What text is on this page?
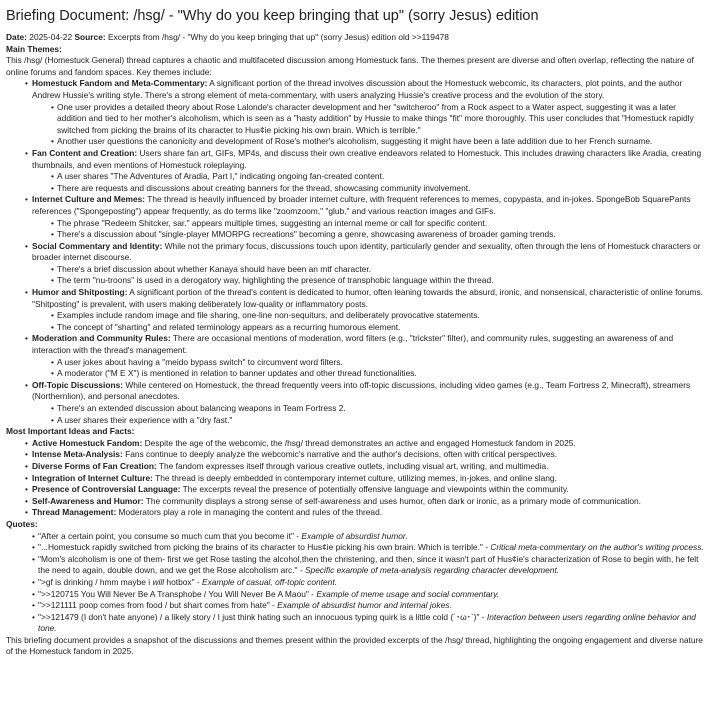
Briefing Document: /hsg/ - "Why do you keep bringing that up" (sorry Jesus) edition

Date: 2025-04-22 Source: Excerpts from /hsg/ - "Why do you keep bringing that up" (sorry Jesus) edition old >>119478

Main Themes:

This /hsg/ (Homestuck General) thread captures a chaotic and multifaceted discussion among Homestuck fans. The themes present are diverse and often overlap, reflecting the nature of online forums and fandom spaces. Key themes include:

• Homestuck Fandom and Meta-Commentary: A significant portion of the thread involves discussion about the Homestuck webcomic, its characters, plot points, and the author Andrew Hussie's writing style. There's a strong element of meta-commentary, with users analyzing Hussie's creative process and the evolution of the story.
• One user provides a detailed theory about Rose Lalonde's character development and her "switcheroo" from a Rock aspect to a Water aspect, suggesting it was a later addition and tied to her mother's alcoholism, which is seen as a "hasty addition" by Hussie to make things "fit" more thoroughly. This user concludes that "Homestuck rapidly switched from picking the brains of its character to Hus¢ie picking his own brain. Which is terrible."
• Another user questions the canonicity and development of Rose's mother's alcoholism, suggesting it might have been a late addition due to her French surname.
• Fan Content and Creation: Users share fan art, GIFs, MP4s, and discuss their own creative endeavors related to Homestuck. This includes drawing characters like Aradia, creating thumbnails, and even mentions of Homestuck roleplaying.
• A user shares "The Adventures of Aradia, Part I," indicating ongoing fan-created content.
• There are requests and discussions about creating banners for the thread, showcasing community involvement.
• Internet Culture and Memes: The thread is heavily influenced by broader internet culture, with frequent references to memes, copypasta, and in-jokes. SpongeBob SquarePants references ("Spongeposting") appear frequently, as do terms like "zoomzoom," "glub," and various reaction images and GIFs.
• The phrase "Redeem Shitcker, sar." appears multiple times, suggesting an internal meme or call for specific content.
• There's a discussion about "single-player MMORPG recreations" becoming a genre, showcasing awareness of broader gaming trends.
• Social Commentary and Identity: While not the primary focus, discussions touch upon identity, particularly gender and sexuality, often through the lens of Homestuck characters or broader internet discourse.
• There's a brief discussion about whether Kanaya should have been an mtf character.
• The term "nu-troons" is used in a derogatory way, highlighting the presence of transphobic language within the thread.
• Humor and Shitposting: A significant portion of the thread's content is dedicated to humor, often leaning towards the absurd, ironic, and nonsensical, characteristic of online forums. "Shitposting" is prevalent, with users making deliberately low-quality or inflammatory posts.
• Examples include random image and file sharing, one-line non-sequiturs, and deliberately provocative statements.
• The concept of "sharting" and related terminology appears as a recurring humorous element.
• Moderation and Community Rules: There are occasional mentions of moderation, word filters (e.g., "trickster" filter), and community rules, suggesting an awareness of and interaction with the thread's management.
• A user jokes about having a "meido bypass switch" to circumvent word filters.
• A moderator ("M E X") is mentioned in relation to banner updates and other thread functionalities.
• Off-Topic Discussions: While centered on Homestuck, the thread frequently veers into off-topic discussions, including video games (e.g., Team Fortress 2, Minecraft), streamers (Northernlion), and personal anecdotes.
• There's an extended discussion about balancing weapons in Team Fortress 2.
• A user shares their experience with a "dry fast."

Most Important Ideas and Facts:

• Active Homestuck Fandom: Despite the age of the webcomic, the /hsg/ thread demonstrates an active and engaged Homestuck fandom in 2025.
• Intense Meta-Analysis: Fans continue to deeply analyze the webcomic's narrative and the author's decisions, often with critical perspectives.
• Diverse Forms of Fan Creation: The fandom expresses itself through various creative outlets, including visual art, writing, and multimedia.
• Integration of Internet Culture: The thread is deeply embedded in contemporary internet culture, utilizing memes, in-jokes, and online slang.
• Presence of Controversial Language: The excerpts reveal the presence of potentially offensive language and viewpoints within the community.
• Self-Awareness and Humor: The community displays a strong sense of self-awareness and uses humor, often dark or ironic, as a primary mode of communication.
• Thread Management: Moderators play a role in managing the content and rules of the thread.

Quotes:

• "After a certain point, you consume so much cum that you become it" - Example of absurdist humor.
• "...Homestuck rapidly switched from picking the brains of its character to Hus¢ie picking his own brain. Which is terrible." - Critical meta-commentary on the author's writing process.
• "Mom's alcoholism is one of them- first we get Rose tasting the alcohol,then the christening, and then, since it wasn't part of Hus¢ie's characterization of Rose to begin with, he felt the need to again, double down, and we get the Rose alcoholism arc." - Specific example of meta-analysis regarding character development.
• ">gf is drinking / hmm maybe i will hotbox" - Example of casual, off-topic content.
• ">>120715 You Will Never Be A Transphobe / You Will Never Be A Maou" - Example of meme usage and social commentary.
• ">>121111 poop comes from food / but shart comes from hate" - Example of absurdist humor and internal jokes.
• ">>121479 (I don't hate anyone) / a likely story / I just think hating such an innocuous typing quirk is a little cold (´･ω･`)" - Interaction between users regarding online behavior and tone.

This briefing document provides a snapshot of the discussions and themes present within the provided excerpts of the /hsg/ thread, highlighting the ongoing engagement and diverse nature of the Homestuck fandom in 2025.
